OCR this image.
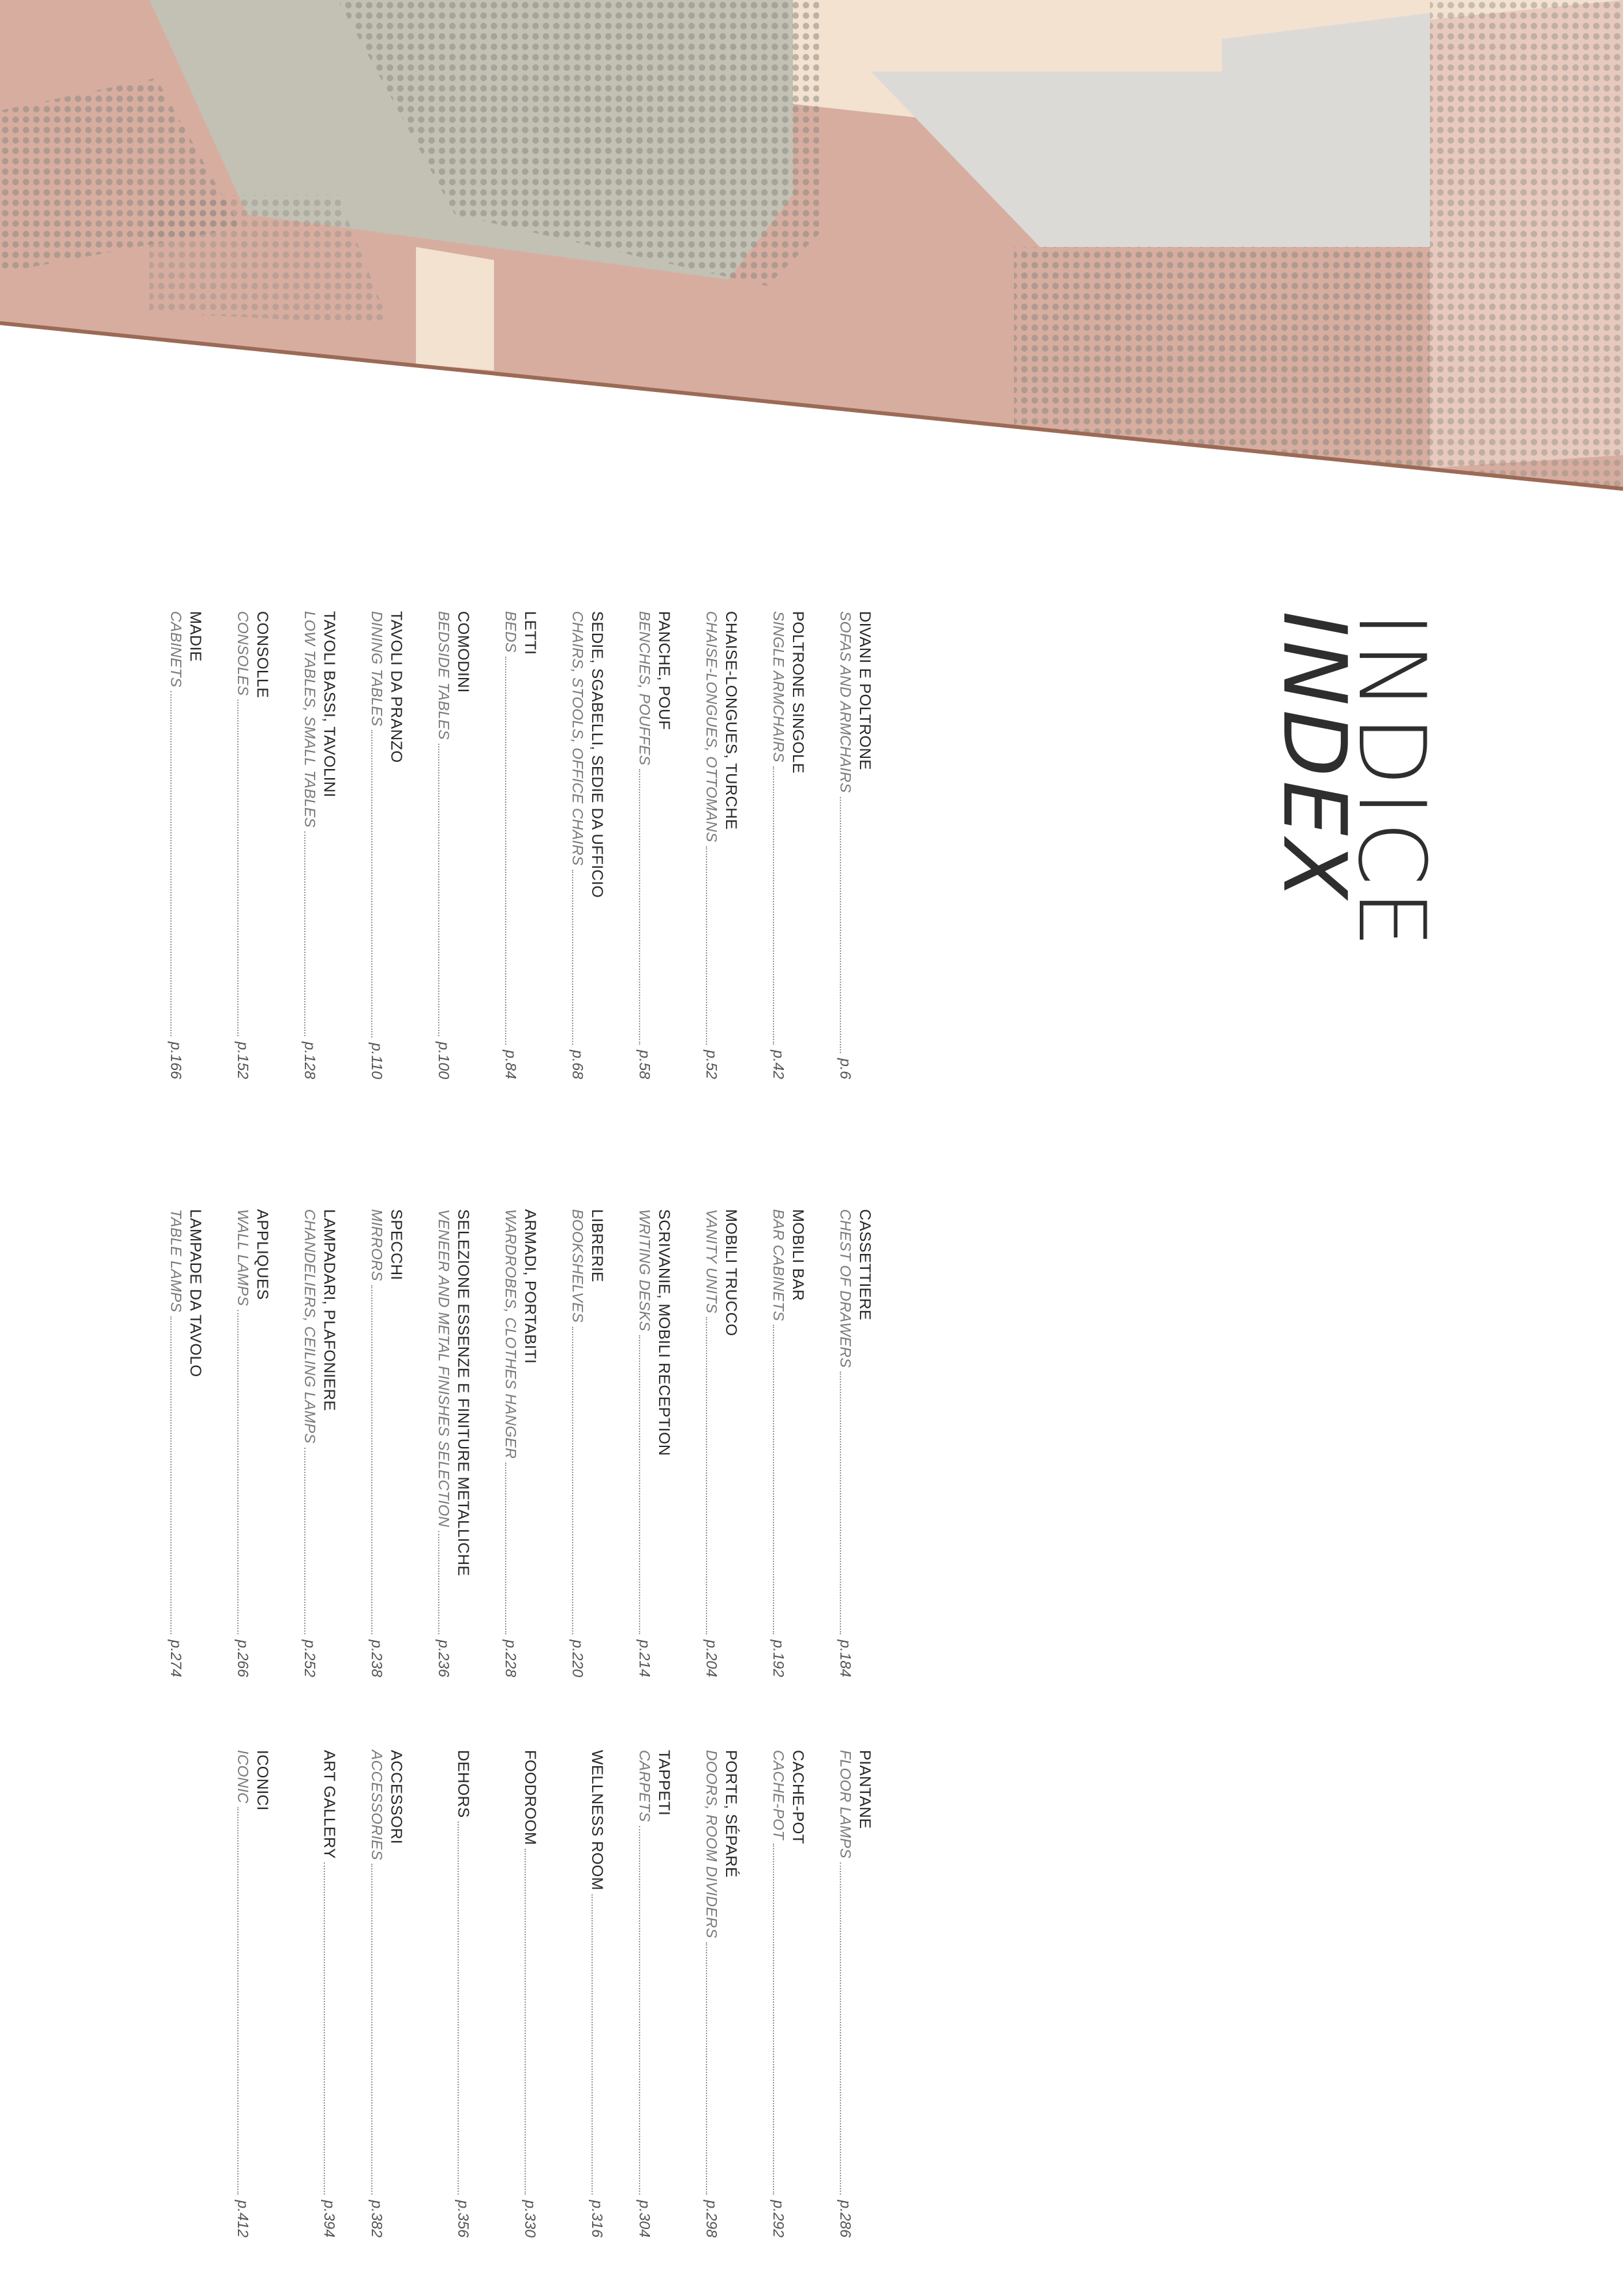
INDICE
INDEX
DIVANI E POLTRONE
SOFAS AND ARMCHAIRS
p.6
POLTRONE SINGOLE
SINGLE ARMCHAIRS
p.42
CHAISE-LONGUES, TURCHE
CHAISE-LONGUES, OTTOMANS
p.52
PANCHE, POUF
BENCHES, POUFFES
p.58
SEDIE, SGABELLI, SEDIE DA UFFICIO
CHAIRS, STOOLS, OFFICE CHAIRS
p.68
LETTI
BEDS
p.84
COMODINI
BEDSIDE TABLES
p.100
TAVOLI DA PRANZO
DINING TABLES
p.110
TAVOLI BASSI, TAVOLINI
LOW TABLES, SMALL TABLES
p.128
CONSOLLE
CONSOLES
p.152
MADIE
CABINETS
p.166
CASSETTIERE
CHEST OF DRAWERS
p.184
MOBILI BAR
BAR CABINETS
p.192
MOBILI TRUCCO
VANITY UNITS
p.204
SCRIVANIE, MOBILI RECEPTION
WRITING DESKS
p.214
LIBRERIE
BOOKSHELVES
p.220
ARMADI, PORTABITI
WARDROBES, CLOTHES HANGER
p.228
SELEZIONE ESSENZE E FINITURE METALLICHE
VENEER AND METAL FINISHES SELECTION
p.236
SPECCHI
MIRRORS
p.238
LAMPADARI, PLAFONIERE
CHANDELIERS, CEILING LAMPS
p.252
APPLIQUES
WALL LAMPS
p.266
LAMPADE DA TAVOLO
TABLE LAMPS
p.274
PIANTANE
FLOOR LAMPS
p.286
CACHE-POT
CACHE-POT
p.292
PORTE, SÉPARÉ
DOORS, ROOM DIVIDERS
p.298
TAPPETI
CARPETS
p.304
WELLNESS ROOM
p.316
FOODROOM
p.330
DEHORS
p.356
ACCESSORI
ACCESSORIES
p.382
ART GALLERY
p.394
ICONICI
ICONIC
p.412
